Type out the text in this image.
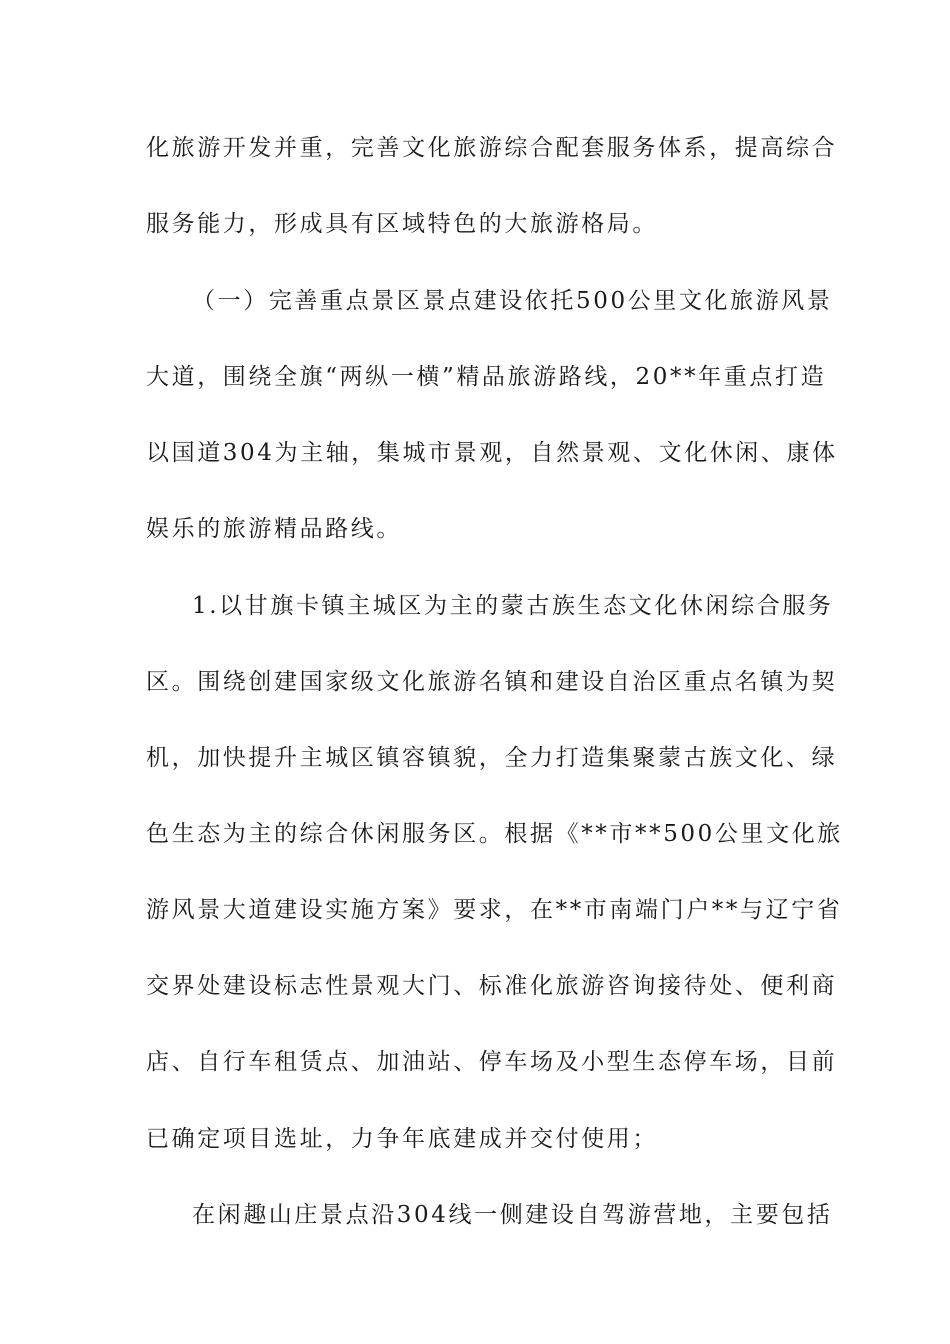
化旅游开发并重，完善文化旅游综合配套服务体系，提高综合
服务能力，形成具有区域特色的大旅游格局。
（一）完善重点景区景点建设依托500公里文化旅游风景
大道，围绕全旗“两纵一横”精品旅游路线，20**年重点打造
以国道304为主轴，集城市景观，自然景观、文化休闲、康体
娱乐的旅游精品路线。
1.以甘旗卡镇主城区为主的蒙古族生态文化休闲综合服务
区。围绕创建国家级文化旅游名镇和建设自治区重点名镇为契
机，加快提升主城区镇容镇貌，全力打造集聚蒙古族文化、绿
色生态为主的综合休闲服务区。根据《**市**500公里文化旅
游风景大道建设实施方案》要求，在**市南端门户**与辽宁省
交界处建设标志性景观大门、标准化旅游咨询接待处、便利商
店、自行车租赁点、加油站、停车场及小型生态停车场，目前
已确定项目选址，力争年底建成并交付使用；
在闲趣山庄景点沿304线一侧建设自驾游营地，主要包括
